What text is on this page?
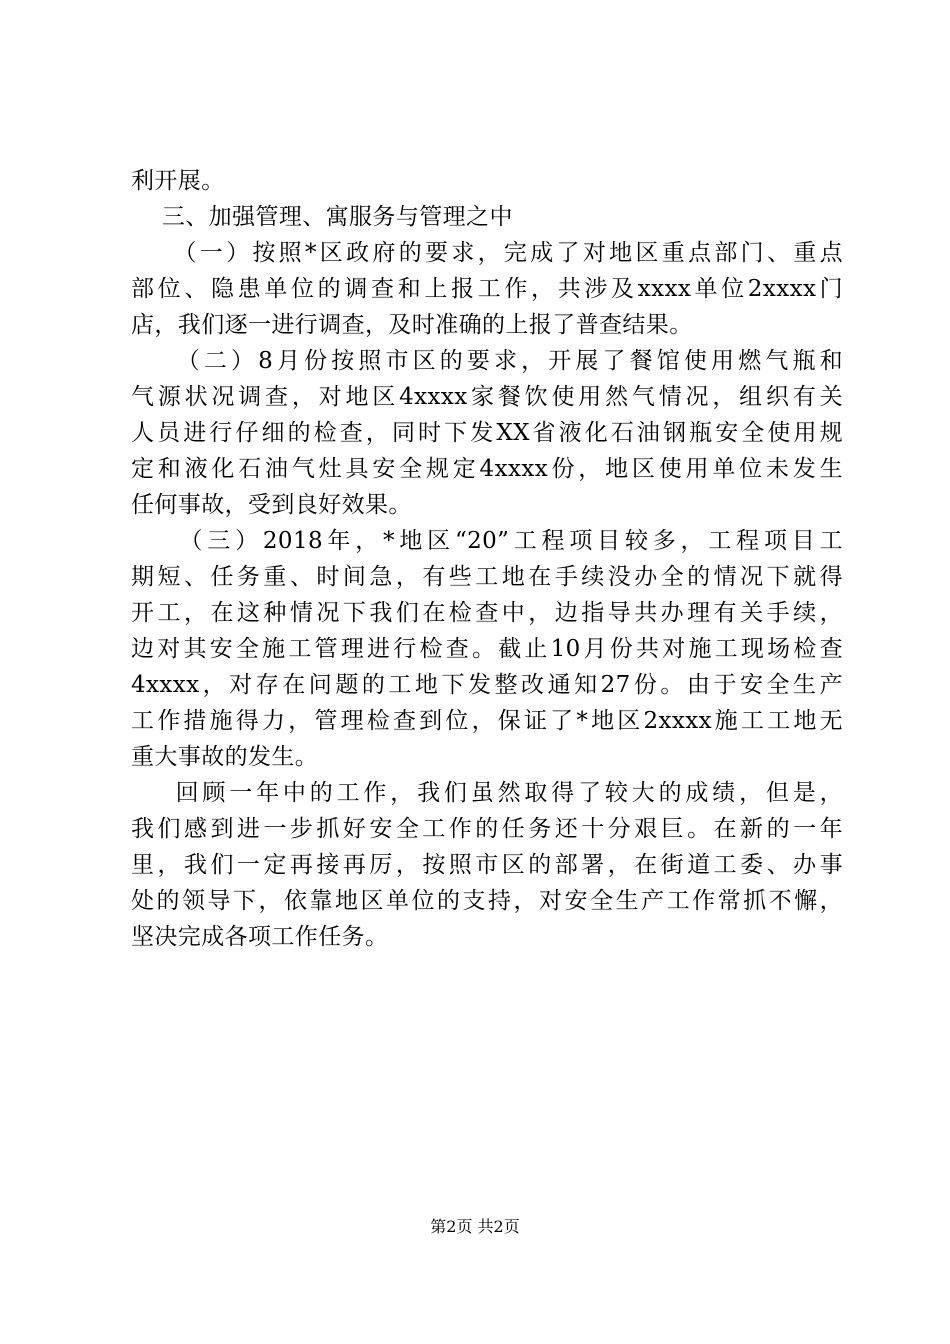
利开展。
三、加强管理、寓服务与管理之中
（一）按照*区政府的要求，完成了对地区重点部门、重点
部位、隐患单位的调查和上报工作，共涉及xxxx单位2xxxx门
店，我们逐一进行调查，及时准确的上报了普查结果。
（二）8月份按照市区的要求，开展了餐馆使用燃气瓶和
气源状况调查，对地区4xxxx家餐饮使用然气情况，组织有关
人员进行仔细的检查，同时下发XX省液化石油钢瓶安全使用规
定和液化石油气灶具安全规定4xxxx份，地区使用单位未发生
任何事故，受到良好效果。
（三）2018年，*地区“20”工程项目较多，工程项目工
期短、任务重、时间急，有些工地在手续没办全的情况下就得
开工，在这种情况下我们在检查中，边指导共办理有关手续，
边对其安全施工管理进行检查。截止10月份共对施工现场检查
4xxxx，对存在问题的工地下发整改通知27份。由于安全生产
工作措施得力，管理检查到位，保证了*地区2xxxx施工工地无
重大事故的发生。
回顾一年中的工作，我们虽然取得了较大的成绩，但是，
我们感到进一步抓好安全工作的任务还十分艰巨。在新的一年
里，我们一定再接再厉，按照市区的部署，在街道工委、办事
处的领导下，依靠地区单位的支持，对安全生产工作常抓不懈，
坚决完成各项工作任务。
第2页 共2页
